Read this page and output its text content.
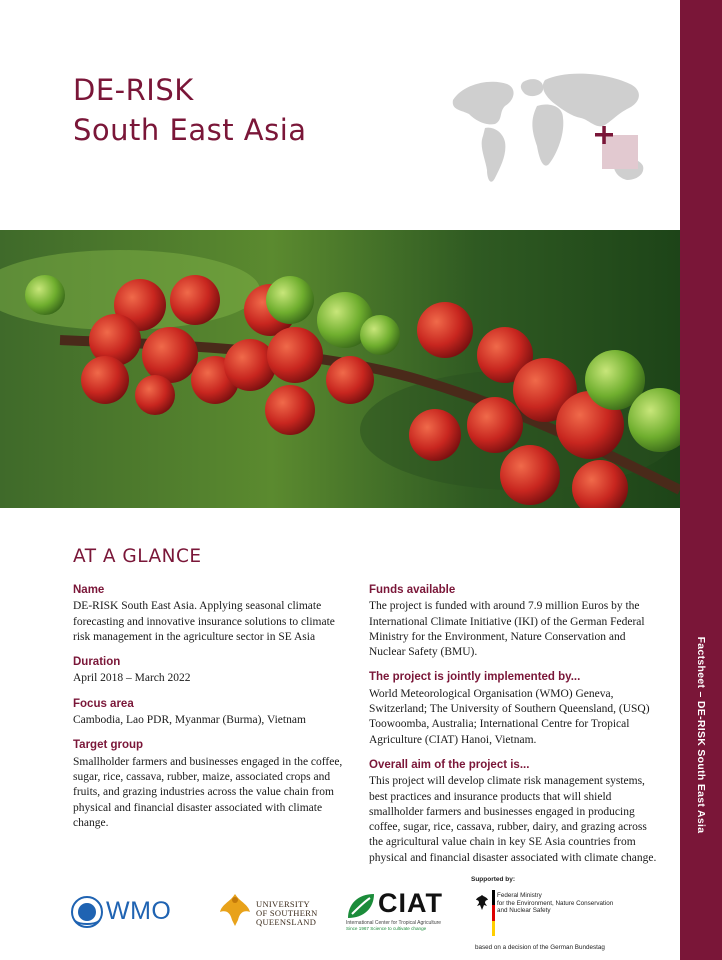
Factsheet – DE-RISK South East Asia
DE-RISK
South East Asia
AT A GLANCE
Name
DE-RISK South East Asia. Applying seasonal climate forecasting and innovative insurance solutions to climate risk management in the agriculture sector in SE Asia
Duration
April 2018 – March 2022
Focus area
Cambodia, Lao PDR, Myanmar (Burma), Vietnam
Target group
Smallholder farmers and businesses engaged in the coffee, sugar, rice, cassava, rubber, maize, associated crops and fruits, and grazing industries across the value chain from physical and financial disaster associated with climate change.
Funds available
The project is funded with around 7.9 million Euros by the International Climate Initiative (IKI) of the German Federal Ministry for the Environment, Nature Conservation and Nuclear Safety (BMU).
The project is jointly implemented by...
World Meteorological Organisation (WMO) Geneva, Switzerland; The University of Southern Queensland, (USQ) Toowoomba, Australia; International Centre for Tropical Agriculture (CIAT) Hanoi, Vietnam.
Overall aim of the project is...
This project will develop climate risk management systems, best practices and insurance products that will shield smallholder farmers and businesses engaged in producing coffee, sugar, rice, cassava, rubber, dairy, and grazing across the agricultural value chain in key SE Asia countries from physical and financial disaster associated with climate change.
WMO	UNIVERSITY
OF SOUTHERN
QUEENSLAND
CIAT
International Center for Tropical Agriculture
Since 1967 Science to cultivate change
Supported by:
Federal Ministry
for the Environment, Nature Conservation
and Nuclear Safety
based on a decision of the German Bundestag
